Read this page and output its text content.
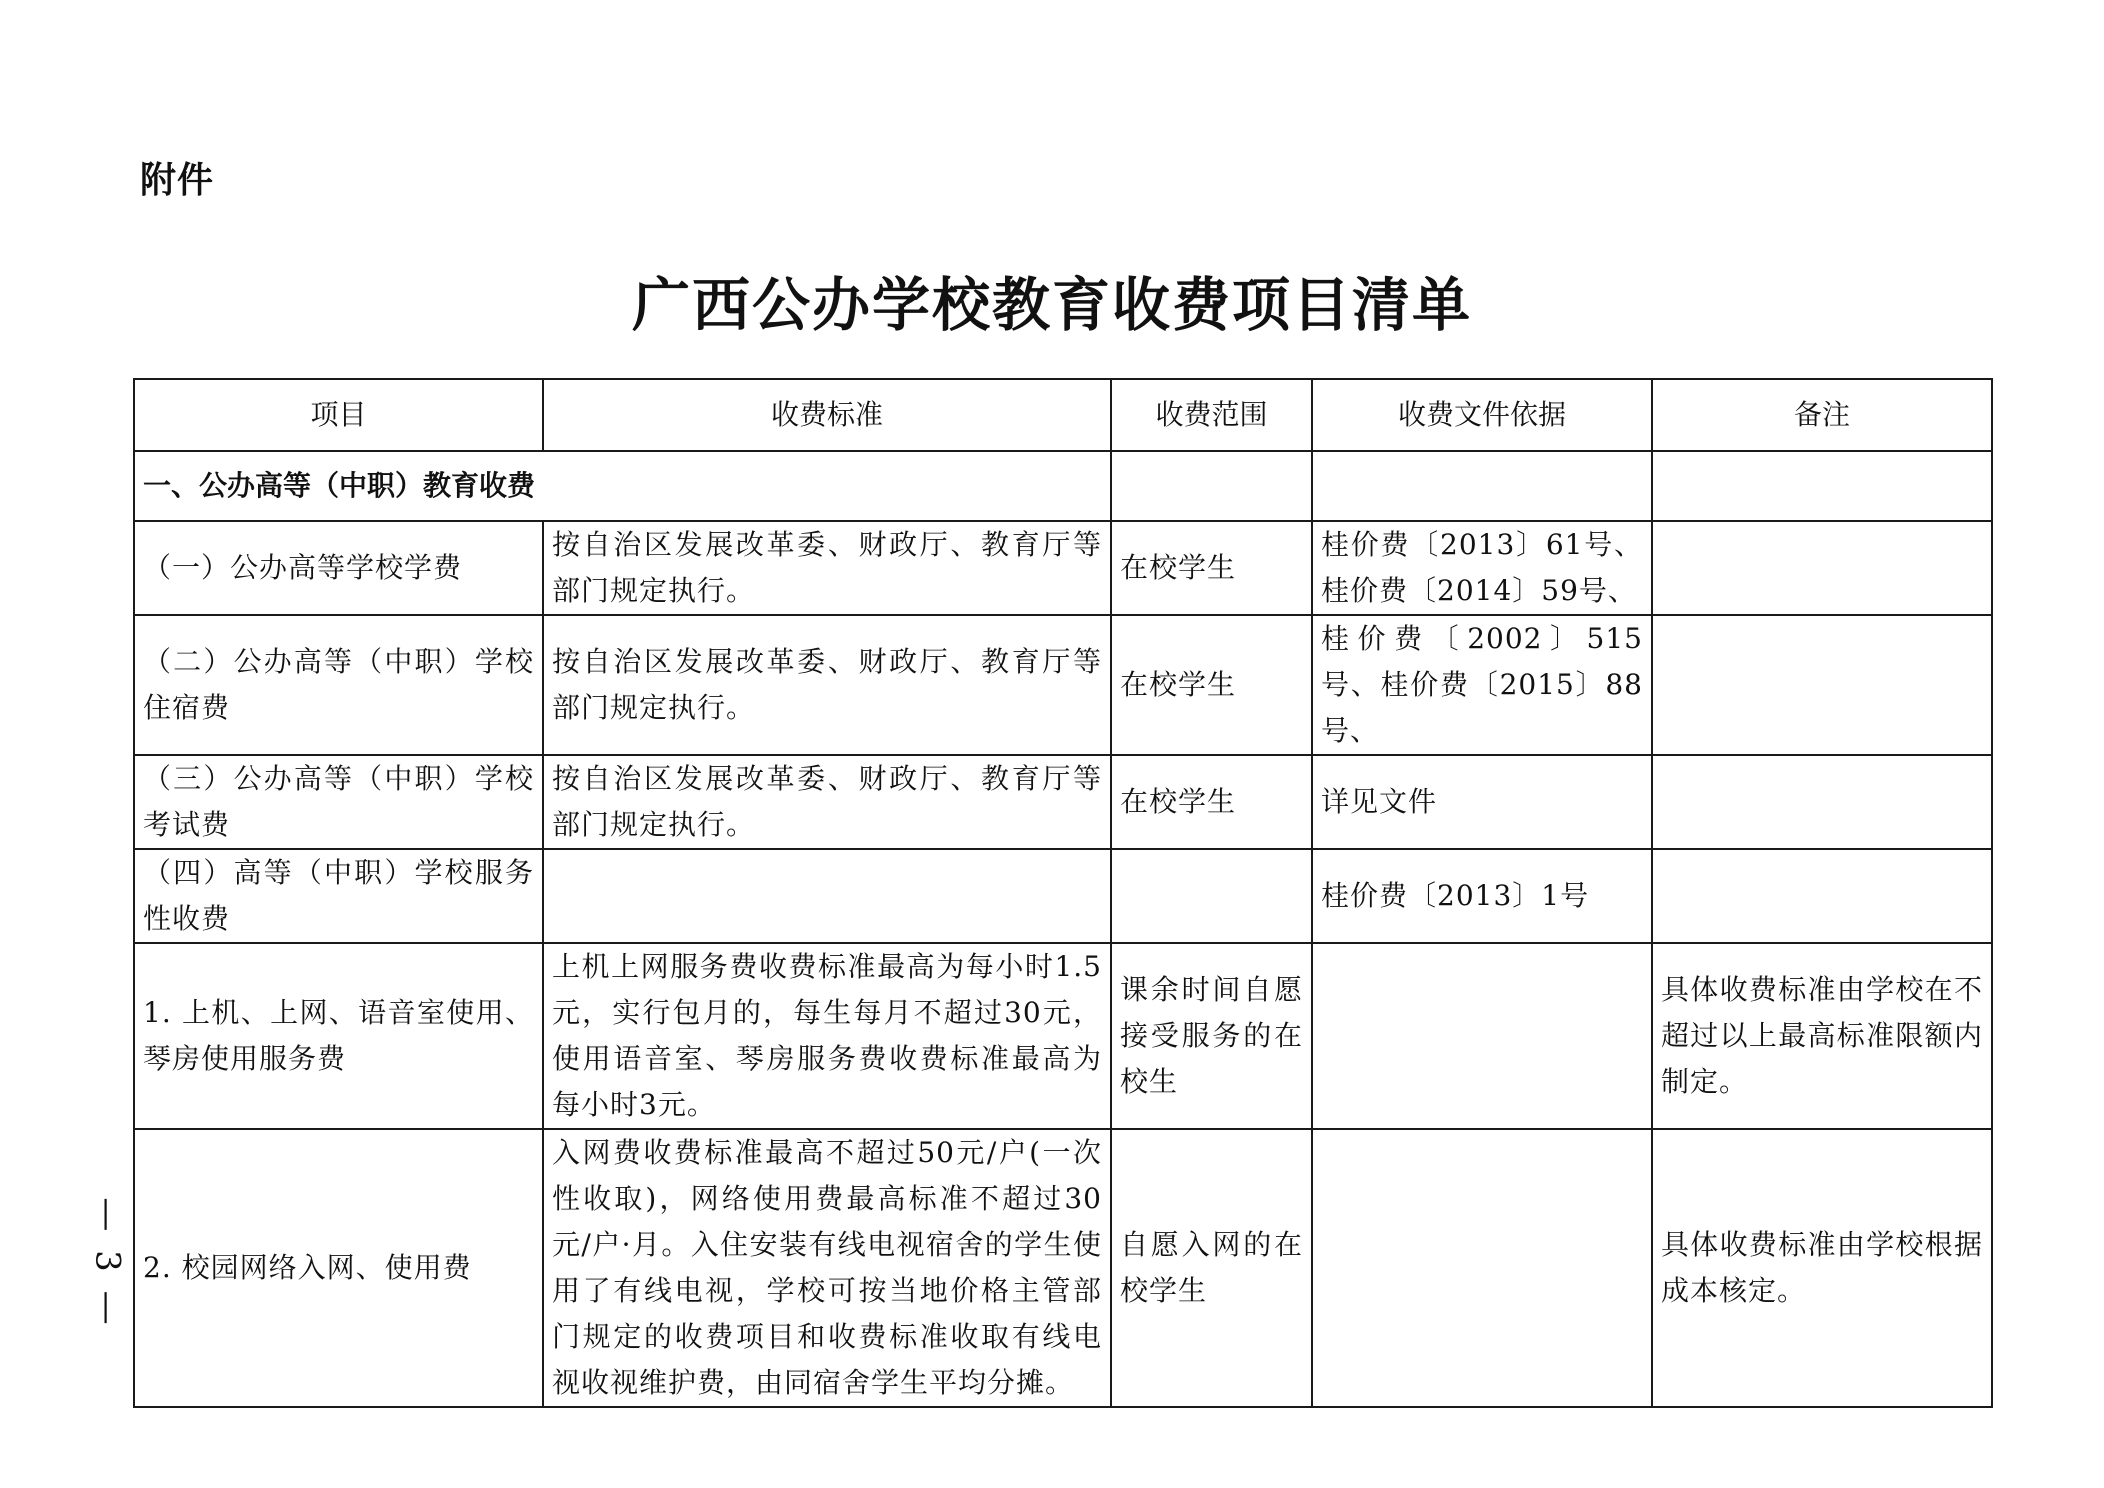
附件
广西公办学校教育收费项目清单
— 3 —
项目	收费标准	收费范围	收费文件依据	备注
一、公办高等（中职）教育收费				
（一）公办高等学校学费	按自治区发展改革委、财政厅、教育厅等部门规定执行。	在校学生	桂价费〔2013〕61号、桂价费〔2014〕59号、	
（二）公办高等（中职）学校住宿费	按自治区发展改革委、财政厅、教育厅等部门规定执行。	在校学生	桂价费〔2002〕515号、桂价费〔2015〕88号、	
（三）公办高等（中职）学校考试费	按自治区发展改革委、财政厅、教育厅等部门规定执行。	在校学生	详见文件	
（四）高等（中职）学校服务性收费			桂价费〔2013〕1号	
1. 上机、上网、语音室使用、琴房使用服务费	上机上网服务费收费标准最高为每小时1.5元，实行包月的，每生每月不超过30元，使用语音室、琴房服务费收费标准最高为每小时3元。	课余时间自愿接受服务的在校生		具体收费标准由学校在不超过以上最高标准限额内制定。
2. 校园网络入网、使用费	入网费收费标准最高不超过50元/户(一次性收取)，网络使用费最高标准不超过30元/户·月。入住安装有线电视宿舍的学生使用了有线电视，学校可按当地价格主管部门规定的收费项目和收费标准收取有线电视收视维护费，由同宿舍学生平均分摊。	自愿入网的在校学生		具体收费标准由学校根据成本核定。
